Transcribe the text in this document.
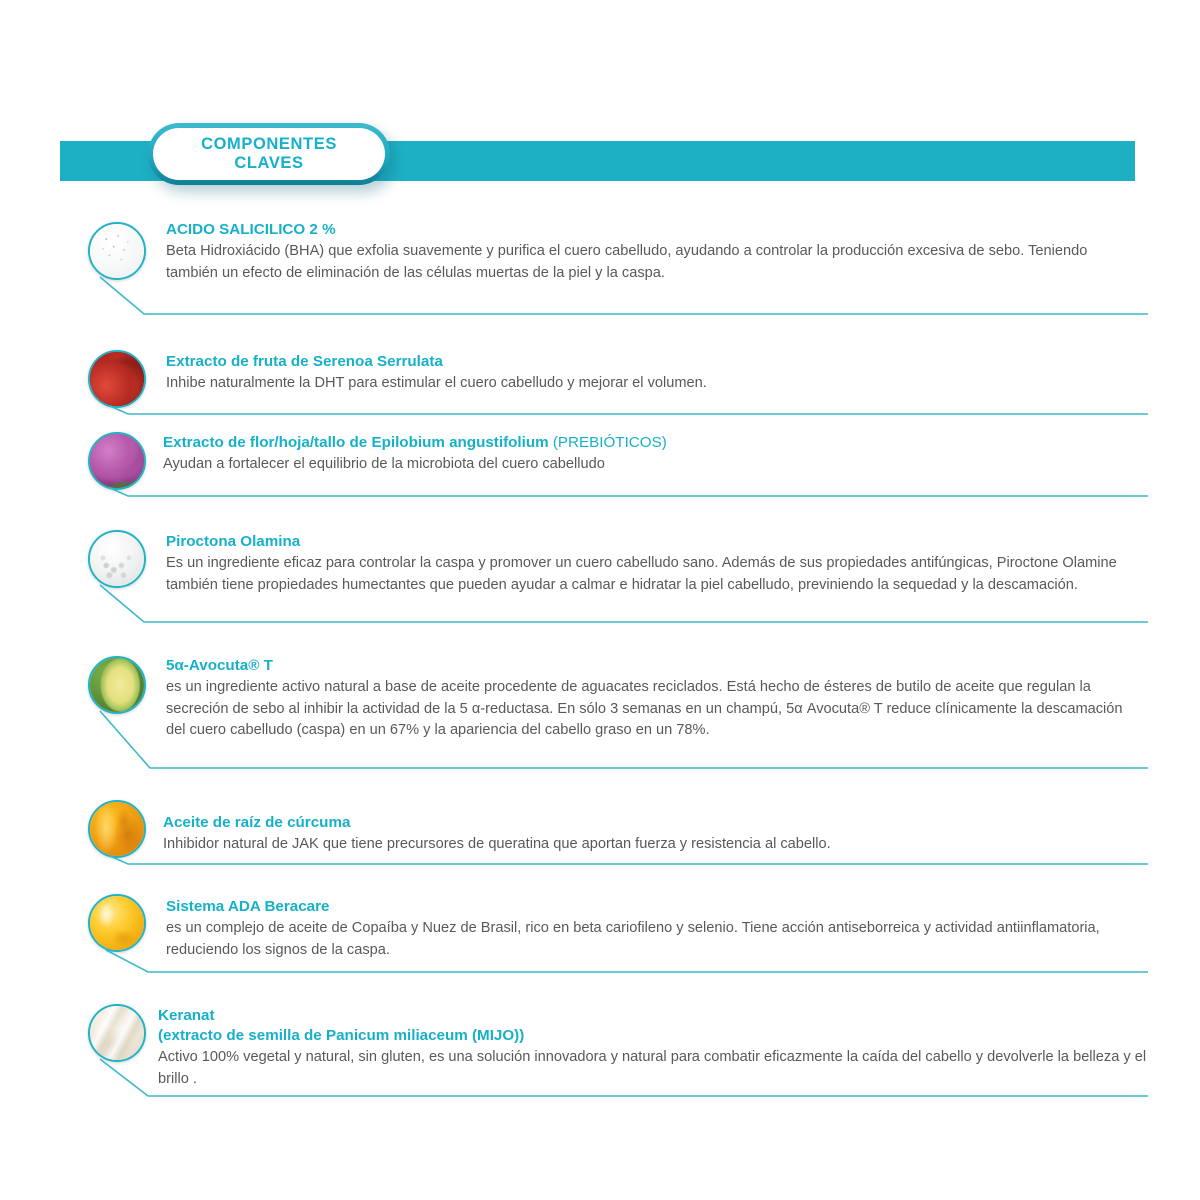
COMPONENTES
CLAVES

ACIDO SALICILICO 2 %

Beta Hidroxiácido (BHA) que exfolia suavemente y purifica el cuero cabelludo, ayudando a controlar la producción excesiva de sebo. Teniendo también un efecto de eliminación de las células muertas de la piel y la caspa.

Extracto de fruta de Serenoa Serrulata

Inhibe naturalmente la DHT para estimular el cuero cabelludo y mejorar el volumen.

Extracto de flor/hoja/tallo de Epilobium angustifolium (PREBIÓTICOS)

Ayudan a fortalecer el equilibrio de la microbiota del cuero cabelludo

Piroctona Olamina

Es un ingrediente eficaz para controlar la caspa y promover un cuero cabelludo sano. Además de sus propiedades antifúngicas, Piroctone Olamine también tiene propiedades humectantes que pueden ayudar a calmar e hidratar la piel cabelludo, previniendo la sequedad y la descamación.

5α-Avocuta® T

es un ingrediente activo natural a base de aceite procedente de aguacates reciclados. Está hecho de ésteres de butilo de aceite que regulan la secreción de sebo al inhibir la actividad de la 5 α-reductasa. En sólo 3 semanas en un champú, 5α Avocuta® T reduce clínicamente la descamación del cuero cabelludo (caspa) en un 67% y la apariencia del cabello graso en un 78%.

Aceite de raíz de cúrcuma

Inhibidor natural de JAK que tiene precursores de queratina que aportan fuerza y resistencia al cabello.

Sistema ADA Beracare

es un complejo de aceite de Copaíba y Nuez de Brasil, rico en beta cariofileno y selenio. Tiene acción antiseborreica y actividad antiinflamatoria, reduciendo los signos de la caspa.

Keranat
(extracto de semilla de Panicum miliaceum (MIJO))

Activo 100% vegetal y natural, sin gluten, es una solución innovadora y natural para combatir eficazmente la caída del cabello y devolverle la belleza y el brillo .
